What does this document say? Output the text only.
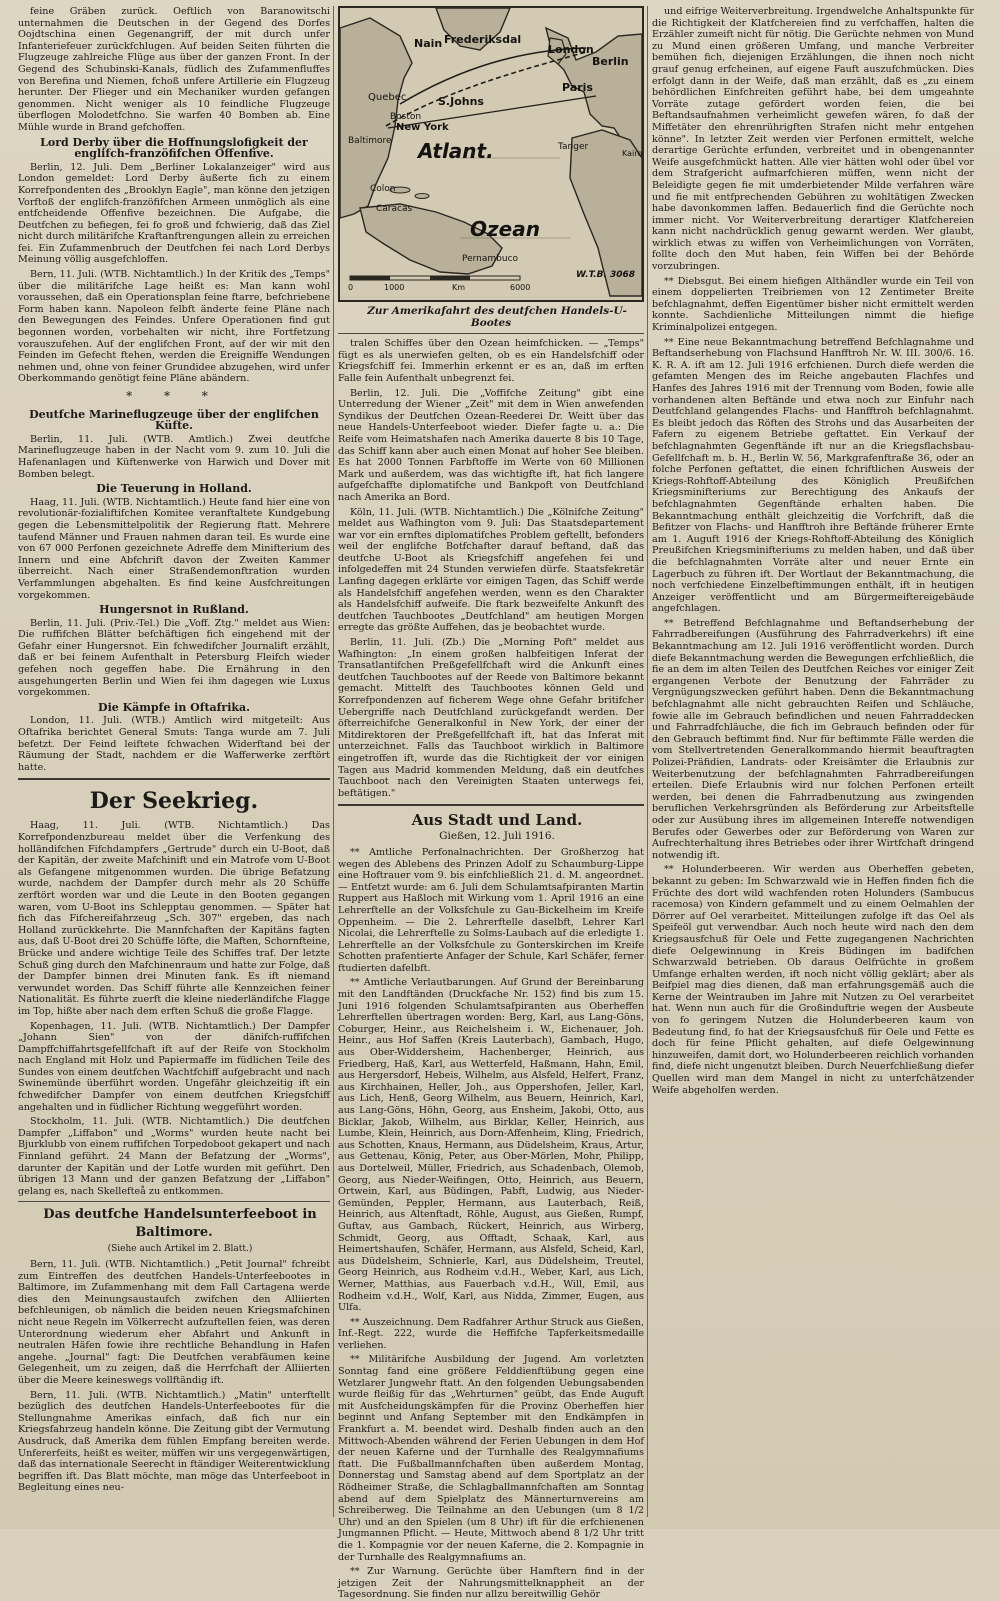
feine Gräben zurück. Oeftlich von Baranowitschi unternahmen die Deutschen in der Gegend des Dorfes Oojdtschina einen Gegenangriff, der mit durch unfer Infanteriefeuer zurückfchlugen. Auf beiden Seiten führten die Flugzeuge zahlreiche Flüge aus über der ganzen Front. In der Gegend des Schubinski-Kanals, füdlich des Zufammenfluffes von Berefina und Niemen, fchoß unfere Artillerie ein Flugzeug herunter. Der Flieger und ein Mechaniker wurden gefangen genommen. Nicht weniger als 10 feindliche Flugzeuge überflogen Molodetfchno. Sie warfen 40 Bomben ab. Eine Mühle wurde in Brand gefchoffen.

Lord Derby über die Hoffnungslofigkeit der englifch-franzöfifchen Offenfive.

Berlin, 12. Juli. Dem „Berliner Lokalanzeiger" wird aus London gemeldet: Lord Derby äußerte fich zu einem Korrefpondenten des „Brooklyn Eagle", man könne den jetzigen Vorftoß der englifch-franzöfifchen Armeen unmöglich als eine entfcheidende Offenfive bezeichnen. Die Aufgabe, die Deutfchen zu befiegen, fei fo groß und fchwierig, daß das Ziel nicht durch militärifche Kraftanftrengungen allein zu erreichen fei. Ein Zufammenbruch der Deutfchen fei nach Lord Derbys Meinung völlig ausgefchloffen.

Bern, 11. Juli. (WTB. Nichtamtlich.) In der Kritik des „Temps" über die militärifche Lage heißt es: Man kann wohl voraussehen, daß ein Operationsplan feine ftarre, befchriebene Form haben kann. Napoleon felbft änderte feine Pläne nach den Bewegungen des Feindes. Unfere Operationen find gut begonnen worden, vorbehalten wir nicht, ihre Fortfetzung vorauszufehen. Auf der englifchen Front, auf der wir mit den Feinden im Gefecht ftehen, werden die Ereigniffe Wendungen nehmen und, ohne von feiner Grundidee abzugehen, wird unfer Oberkommando genötigt feine Pläne abändern.

* * *

Deutfche Marineflugzeuge über der englifchen Küfte.

Berlin, 11. Juli. (WTB. Amtlich.) Zwei deutfche Marineflugzeuge haben in der Nacht vom 9. zum 10. Juli die Hafenanlagen und Küftenwerke von Harwich und Dover mit Bomben belegt.

Die Teuerung in Holland.

Haag, 11. Juli. (WTB. Nichtamtlich.) Heute fand hier eine von revolutionär-fozialiftifchen Komitee veranftaltete Kundgebung gegen die Lebensmittelpolitik der Regierung ftatt. Mehrere taufend Männer und Frauen nahmen daran teil. Es wurde eine von 67 000 Perfonen gezeichnete Adreffe dem Minifterium des Innern und eine Abfchrift davon der Zweiten Kammer überreicht. Nach einer Straßendemonftration wurden Verfammlungen abgehalten. Es find keine Ausfchreitungen vorgekommen.

Hungersnot in Rußland.

Berlin, 11. Juli. (Priv.-Tel.) Die „Voff. Ztg." meldet aus Wien: Die ruffifchen Blätter befchäftigen fich eingehend mit der Gefahr einer Hungersnot. Ein fchwedifcher Journalift erzählt, daß er bei feinem Aufenthalt in Petersburg Fleifch wieder gefehen noch gegeffen habe. Die Ernährung in den ausgehungerten Berlin und Wien fei ihm dagegen wie Luxus vorgekommen.

Die Kämpfe in Oftafrika.

London, 11. Juli. (WTB.) Amtlich wird mitgeteilt: Aus Oftafrika berichtet General Smuts: Tanga wurde am 7. Juli befetzt. Der Feind leiftete fchwachen Widerftand bei der Räumung der Stadt, nachdem er die Wafferwerke zerftört hatte.

Der Seekrieg.

Haag, 11. Juli. (WTB. Nichtamtlich.) Das Korrefpondenzbureau meldet über die Verfenkung des holländifchen Fifchdampfers „Gertrude" durch ein U-Boot, daß der Kapitän, der zweite Mafchinift und ein Matrofe vom U-Boot als Gefangene mitgenommen wurden. Die übrige Befatzung wurde, nachdem der Dampfer durch mehr als 20 Schüffe zerftört worden war und die Leute in den Booten gegangen waren, vom U-Boot ins Schlepptau genommen. — Später hat fich das Fifchereifahrzeug „Sch. 307" ergeben, das nach Holland zurückkehrte. Die Mannfchaften der Kapitäns fagten aus, daß U-Boot drei 20 Schüffe löfte, die Maften, Schornfteine, Brücke und andere wichtige Teile des Schiffes traf. Der letzte Schuß ging durch den Mafchinenraum und hatte zur Folge, daß der Dampfer binnen drei Minuten fank. Es ift niemand verwundet worden. Das Schiff führte alle Kennzeichen feiner Nationalität. Es führte zuerft die kleine niederländifche Flagge im Top, hißte aber nach dem erften Schuß die große Flagge.

Kopenhagen, 11. Juli. (WTB. Nichtamtlich.) Der Dampfer „Johann Sien" von der dänifch-ruffifchen Dampffchiffahrtsgefellfchaft ift auf der Reife von Stockholm nach England mit Holz und Papiermaffe im füdlichen Teile des Sundes von einem deutfchen Wachtfchiff aufgebracht und nach Swinemünde überführt worden. Ungefähr gleichzeitig ift ein fchwedifcher Dampfer von einem deutfchen Kriegsfchiff angehalten und in füdlicher Richtung weggeführt worden.

Stockholm, 11. Juli. (WTB. Nichtamtlich.) Die deutfchen Dampfer „Liffabon" und „Worms" wurden heute nacht bei Bjurklubb von einem ruffifchen Torpedoboot gekapert und nach Finnland geführt. 24 Mann der Befatzung der „Worms", darunter der Kapitän und der Lotfe wurden mit geführt. Den übrigen 13 Mann und der ganzen Befatzung der „Liffabon" gelang es, nach Skellefteå zu entkommen.

Das deutfche Handelsunterfeeboot in Baltimore.

(Siehe auch Artikel im 2. Blatt.)

Bern, 11. Juli. (WTB. Nichtamtlich.) „Petit Journal" fchreibt zum Eintreffen des deutfchen Handels-Unterfeebootes in Baltimore, im Zufammenhang mit dem Fall Cartagena werde dies den Meinungsaustaufch zwifchen den Alliierten befchleunigen, ob nämlich die beiden neuen Kriegsmafchinen nicht neue Regeln im Völkerrecht aufzuftellen feien, was deren Unterordnung wiederum eher Abfahrt und Ankunft in neutralen Häfen fowie ihre rechtliche Behandlung in Hafen angehe. „Journal" fagt: Die Deutfchen verabfäumen keine Gelegenheit, um zu zeigen, daß die Herrfchaft der Alliierten über die Meere keineswegs vollftändig ift.

Bern, 11. Juli. (WTB. Nichtamtlich.) „Matin" unterftellt bezüglich des deutfchen Handels-Unterfeebootes für die Stellungnahme Amerikas einfach, daß fich nur ein Kriegsfahrzeug handeln könne. Die Zeitung gibt der Vermutung Ausdruck, daß Amerika dem fühlen Empfang bereiten werde. Unfererfeits, heißt es weiter, müffen wir uns vergegenwärtigen, daß das internationale Seerecht in ftändiger Weiterentwicklung begriffen ift. Das Blatt möchte, man möge das Unterfeeboot in Begleitung eines neu-

Nain Frederiksdal
London
Berlin
Quebec	S.Johns
Paris
Boston
New York
Baltimore
Tanger
Kairo
Atlant.
Colon
Caracas
Ozean
Pernambuco
W.T.B. 3068
0	1000	Km	6000

Zur Amerikafahrt des deutfchen Handels-U-Bootes

tralen Schiffes über den Ozean heimfchicken. — „Temps" fügt es als unerwiefen gelten, ob es ein Handelsfchiff oder Kriegsfchiff fei. Immerhin erkennt er es an, daß im erften Falle fein Aufenthalt unbegrenzt fei.

Berlin, 12. Juli. Die „Voffifche Zeitung" gibt eine Unterredung der Wiener „Zeit" mit dem in Wien anwefenden Syndikus der Deutfchen Ozean-Reederei Dr. Weitt über das neue Handels-Unterfeeboot wieder. Diefer fagte u. a.: Die Reife vom Heimatshafen nach Amerika dauerte 8 bis 10 Tage, das Schiff kann aber auch einen Monat auf hoher See bleiben. Es hat 2000 Tonnen Farbftoffe im Werte von 60 Millionen Mark und außerdem, was das wichtigfte ift, hat fich langere aufgefchaffte diplomatifche und Bankpoft von Deutfchland nach Amerika an Bord.

Köln, 11. Juli. (WTB. Nichtamtlich.) Die „Kölnifche Zeitung" meldet aus Wafhington vom 9. Juli: Das Staatsdepartement war vor ein ernftes diplomatifches Problem geftellt, befonders weil der englifche Botfchafter darauf beftand, daß das deutfche U-Boot als Kriegsfchiff angefehen fei und infolgedeffen mit 24 Stunden verwiefen dürfe. Staatsfekretär Lanfing dagegen erklärte vor einigen Tagen, das Schiff werde als Handelsfchiff angefehen werden, wenn es den Charakter als Handelsfchiff aufweife. Die ftark bezweifelte Ankunft des deutfchen Tauchbootes „Deutfchland" am heutigen Morgen erregte das größte Auffehen, das je beobachtet wurde.

Berlin, 11. Juli. (Zb.) Die „Morning Poft" meldet aus Wafhington: „In einem großen halbfeitigen Inferat der Transatlantifchen Preßgefellfchaft wird die Ankunft eines deutfchen Tauchbootes auf der Reede von Baltimore bekannt gemacht. Mittelft des Tauchbootes können Geld und Korrefpondenzen auf ficherem Wege ohne Gefahr britifcher Uebergriffe nach Deutfchland zurückgefandt werden. Der öfterreichifche Generalkonful in New York, der einer der Mitdirektoren der Preßgefellfchaft ift, hat das Inferat mit unterzeichnet. Falls das Tauchboot wirklich in Baltimore eingetroffen ift, wurde das die Richtigkeit der vor einigen Tagen aus Madrid kommenden Meldung, daß ein deutfches Tauchboot nach den Vereinigten Staaten unterwegs fei, beftätigen."

Aus Stadt und Land.

Gießen, 12. Juli 1916.

** Amtliche Perfonalnachrichten. Der Großherzog hat wegen des Ablebens des Prinzen Adolf zu Schaumburg-Lippe eine Hoftrauer vom 9. bis einfchließlich 21. d. M. angeordnet. — Entfetzt wurde: am 6. Juli dem Schulamtsafpiranten Martin Ruppert aus Haßloch mit Wirkung vom 1. April 1916 an eine Lehrerftelle an der Volksfchule zu Gau-Bickelheim im Kreife Oppenheim. — Die 2. Lehrerftelle daselbft, Lehrer Karl Nicolai, die Lehrerftelle zu Solms-Laubach auf die erledigte 1. Lehrerftelle an der Volksfchule zu Gonterskirchen im Kreife Schotten prafentierte Anfager der Schule, Karl Schäfer, ferner ftudierten dafelbft.

** Amtliche Verlautbarungen. Auf Grund der Bereinbarung mit den Landftänden (Druckfache Nr. 152) find bis zum 15. Juni 1916 folgenden Schulamtsafpiranten aus Oberheffen Lehrerftellen übertragen worden: Berg, Karl, aus Lang-Göns, Coburger, Heinr., aus Reichelsheim i. W., Eichenauer, Joh. Heinr., aus Hof Saffen (Kreis Lauterbach), Gambach, Hugo, aus Ober-Widdersheim, Hachenberger, Heinrich, aus Friedberg, Haß, Karl, aus Wetterfeld, Haßmann, Hahn, Emil, aus Hergersdorf, Hebeis, Wilhelm, aus Alsfeld, Helfert, Franz, aus Kirchhainen, Heller, Joh., aus Oppershofen, Jeller, Karl, aus Lich, Henß, Georg Wilhelm, aus Beuern, Heinrich, Karl, aus Lang-Göns, Höhn, Georg, aus Ensheim, Jakobi, Otto, aus Bicklar, Jakob, Wilhelm, aus Birklar, Keller, Heinrich, aus Lumbe, Klein, Heinrich, aus Dorn-Affenheim, Kling, Friedrich, aus Schotten, Knaus, Hermann, aus Düdelsheim, Kraus, Artur, aus Gettenau, König, Peter, aus Ober-Mörlen, Mohr, Philipp, aus Dortelweil, Müller, Friedrich, aus Schadenbach, Olemob, Georg, aus Nieder-Weifingen, Otto, Heinrich, aus Beuern, Ortwein, Karl, aus Büdingen, Pabft, Ludwig, aus Nieder-Gemünden, Peppler, Hermann, aus Lauterbach, Reiß, Heinrich, aus Altenftadt, Röhle, August, aus Gießen, Rumpf, Guftav, aus Gambach, Rückert, Heinrich, aus Wirberg, Schmidt, Georg, aus Offtadt, Schaak, Karl, aus Heimertshaufen, Schäfer, Hermann, aus Alsfeld, Scheid, Karl, aus Düdelsheim, Schnierle, Karl, aus Düdelsheim, Treutel, Georg Heinrich, aus Rodheim v.d.H., Weber, Karl, aus Lich, Werner, Matthias, aus Fauerbach v.d.H., Will, Emil, aus Rodheim v.d.H., Wolf, Karl, aus Nidda, Zimmer, Eugen, aus Ulfa.

** Auszeichnung. Dem Radfahrer Arthur Struck aus Gießen, Inf.-Regt. 222, wurde die Heffifche Tapferkeitsmedaille verliehen.

** Militärifche Ausbildung der Jugend. Am vorletzten Sonntag fand eine größere Felddienftübung gegen eine Wetzlarer Jungwehr ftatt. An den folgenden Uebungsabenden wurde fleißig für das „Wehrturnen" geübt, das Ende Auguft mit Ausfcheidungskämpfen für die Provinz Oberheffen hier beginnt und Anfang September mit den Endkämpfen in Frankfurt a. M. beendet wird. Deshalb finden auch an den Mittwoch-Abenden während der Ferien Uebungen in dem Hof der neuen Kaferne und der Turnhalle des Realgymnafiums ftatt. Die Fußballmannfchaften üben außerdem Montag, Donnerstag und Samstag abend auf dem Sportplatz an der Rödheimer Straße, die Schlagballmannfchaften am Sonntag abend auf dem Spielplatz des Männerturnvereins am Schreiberweg. Die Teilnahme an den Uebungen (um 8 1/2 Uhr) und an den Spielen (um 8 Uhr) ift für die erfchienenen Jungmannen Pflicht. — Heute, Mittwoch abend 8 1/2 Uhr tritt die 1. Kompagnie vor der neuen Kaferne, die 2. Kompagnie in der Turnhalle des Realgymnafiums an.

** Zur Warnung. Gerüchte über Hamftern find in der jetzigen Zeit der Nahrungsmittelknappheit an der Tagesordnung. Sie finden nur allzu bereitwillig Gehör

und eifrige Weiterverbreitung. Irgendwelche Anhaltspunkte für die Richtigkeit der Klatfchereien find zu verfchaffen, halten die Erzähler zumeift nicht für nötig. Die Gerüchte nehmen von Mund zu Mund einen größeren Umfang, und manche Verbreiter bemühen fich, diejenigen Erzählungen, die ihnen noch nicht grauf genug erfcheinen, auf eigene Fauft auszufchmücken. Dies erfolgt dann in der Weife, daß man erzählt, daß es „zu einem behördlichen Einfchreiten geführt habe, bei dem umgeahnte Vorräte zutage gefördert worden feien, die bei Beftandsaufnahmen verheimlicht gewefen wären, fo daß der Miffetäter den ehrenrührigften Strafen nicht mehr entgehen könne". In letzter Zeit werden vier Perfonen ermittelt, welche derartige Gerüchte erfunden, verbreitet und in obengenannter Weife ausgefchmückt hatten. Alle vier hätten wohl oder übel vor dem Strafgericht aufmarfchieren müffen, wenn nicht der Beleidigte gegen fie mit umderbietender Milde verfahren wäre und fie mit entfprechenden Gebühren zu wohltätigen Zwecken habe davonkommen laffen. Bedauerlich find die Gerüchte noch immer nicht. Vor Weiterverbreitung derartiger Klatfchereien kann nicht nachdrücklich genug gewarnt werden. Wer glaubt, wirklich etwas zu wiffen von Verheimlichungen von Vorräten, follte doch den Mut haben, fein Wiffen bei der Behörde vorzubringen.

** Diebsgut. Bei einem hiefigen Althändler wurde ein Teil von einem doppelierten Treibriemen von 12 Zentimeter Breite befchlagnahmt, deffen Eigentümer bisher nicht ermittelt werden konnte. Sachdienliche Mitteilungen nimmt die hiefige Kriminalpolizei entgegen.

** Eine neue Bekanntmachung betreffend Befchlagnahme und Beftandserhebung von Flachsund Hanfftroh Nr. W. III. 300/6. 16. K. R. A. ift am 12. Juli 1916 erfchienen. Durch diefe werden die gefamten Mengen des im Reiche angebauten Flachfes und Hanfes des Jahres 1916 mit der Trennung vom Boden, fowie alle vorhandenen alten Beftände und etwa noch zur Einfuhr nach Deutfchland gelangendes Flachs- und Hanfftroh befchlagnahmt. Es bleibt jedoch das Röften des Strohs und das Ausarbeiten der Fafern zu eigenem Betriebe geftattet. Ein Verkauf der befchlagnahmten Gegenftände ift nur an die Kriegsflachsbau-Gefellfchaft m. b. H., Berlin W. 56, Markgrafenftraße 36, oder an folche Perfonen geftattet, die einen fchriftlichen Ausweis der Kriegs-Rohftoff-Abteilung des Königlich Preußifchen Kriegsminifteriums zur Berechtigung des Ankaufs der befchlagnahmten Gegenftände erhalten haben. Die Bekanntmachung enthält gleichzeitig die Vorfchrift, daß die Befitzer von Flachs- und Hanfftroh ihre Beftände früherer Ernte am 1. Auguft 1916 der Kriegs-Rohftoff-Abteilung des Königlich Preußifchen Kriegsminifteriums zu melden haben, und daß über die befchlagnahmten Vorräte alter und neuer Ernte ein Lagerbuch zu führen ift. Der Wortlaut der Bekanntmachung, die noch verfchiedene Einzelbeftimmungen enthält, ift in heutigen Anzeiger veröffentlicht und am Bürgermeiftereigebäude angefchlagen.

** Betreffend Befchlagnahme und Beftandserhebung der Fahrradbereifungen (Ausführung des Fahrradverkehrs) ift eine Bekanntmachung am 12. Juli 1916 veröffentlicht worden. Durch diefe Bekanntmachung werden die Bewegungen erfchließlich, die fie an dem im alten Teilen des Deutfchen Reiches vor einiger Zeit ergangenen Verbote der Benutzung der Fahrräder zu Vergnügungszwecken geführt haben. Denn die Bekanntmachung befchlagnahmt alle nicht gebrauchten Reifen und Schläuche, fowie alle im Gebrauch befindlichen und neuen Fahrraddecken und Fahrradfchläuche, die fich im Gebrauch befinden oder für den Gebrauch beftimmt find. Nur für beftimmte Fälle werden die vom Stellvertretenden Generalkommando hiermit beauftragten Polizei-Präfidien, Landrats- oder Kreisämter die Erlaubnis zur Weiterbenutzung der befchlagnahmten Fahrradbereifungen erteilen. Diefe Erlaubnis wird nur folchen Perfonen erteilt werden, bei denen die Fahrradbenutzung aus zwingenden beruflichen Verkehrsgründen als Beförderung zur Arbeitsftelle oder zur Ausübung ihres im allgemeinen Intereffe notwendigen Berufes oder Gewerbes oder zur Beförderung von Waren zur Aufrechterhaltung ihres Betriebes oder ihrer Wirtfchaft dringend notwendig ift.

** Holunderbeeren. Wir werden aus Oberheffen gebeten, bekannt zu geben: Im Schwarzwald wie in Heffen finden fich die Früchte des dort wild wachfenden roten Holunders (Sambucus racemosa) von Kindern gefammelt und zu einem Oelmahlen der Dörrer auf Oel verarbeitet. Mitteilungen zufolge ift das Oel als Speifeöl gut verwendbar. Auch noch heute wird nach den dem Kriegsausfchuß für Oele und Fette zugegangenen Nachrichten diefe Oelgewinnung in Kreis Büdingen im badifchen Schwarzwald betrieben. Ob daraus Oelfrüchte in großem Umfange erhalten werden, ift noch nicht völlig geklärt; aber als Beifpiel mag dies dienen, daß man erfahrungsgemäß auch die Kerne der Weintrauben im Jahre mit Nutzen zu Oel verarbeitet hat. Wenn nun auch für die Großinduftrie wegen der Ausbeute von fo geringem Nutzen die Holunderbeeren kaum von Bedeutung find, fo hat der Kriegsausfchuß für Oele und Fette es doch für feine Pflicht gehalten, auf diefe Oelgewinnung hinzuweifen, damit dort, wo Holunderbeeren reichlich vorhanden find, diefe nicht ungenutzt bleiben. Durch Neuerfchließung diefer Quellen wird man dem Mangel in nicht zu unterfchätzender Weife abgeholfen werden.
